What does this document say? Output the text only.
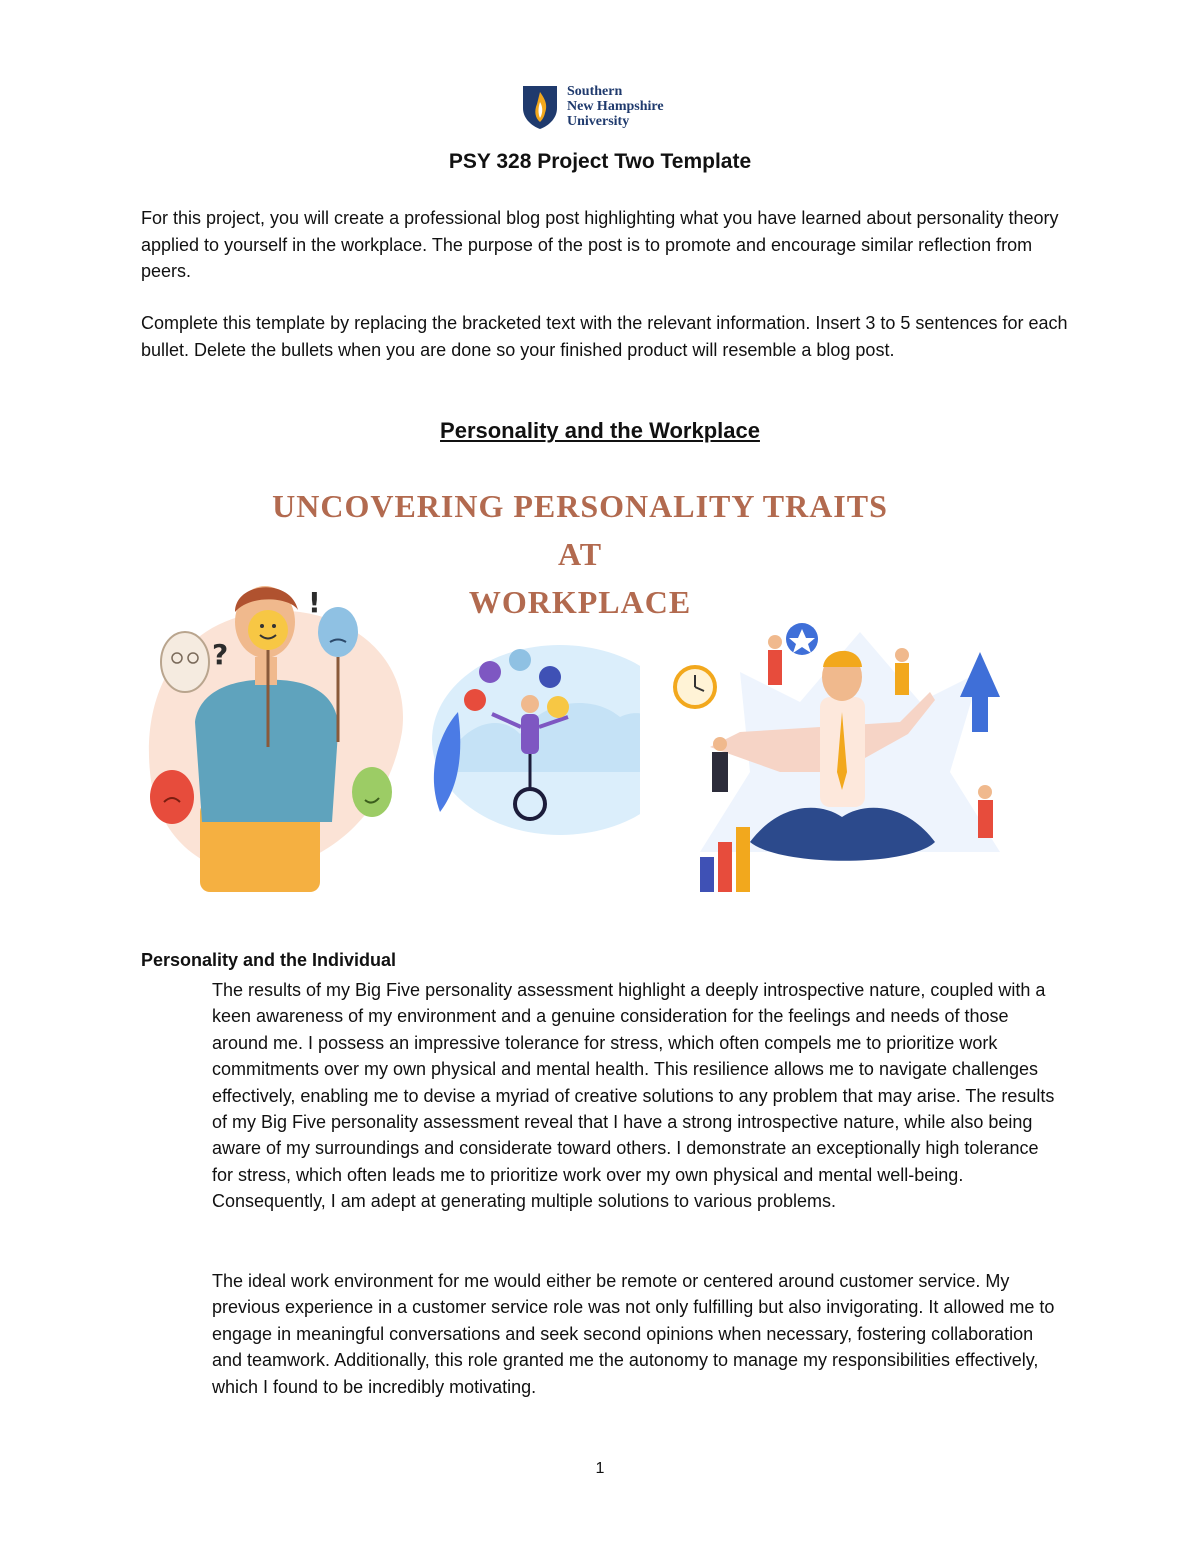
Southern
New Hampshire
University
PSY 328 Project Two Template
For this project, you will create a professional blog post highlighting what you have learned about personality theory applied to yourself in the workplace. The purpose of the post is to promote and encourage similar reflection from peers.
Complete this template by replacing the bracketed text with the relevant information. Insert 3 to 5 sentences for each bullet. Delete the bullets when you are done so your finished product will resemble a blog post.
Personality and the Workplace
?
!
UNCOVERING PERSONALITY TRAITS
AT
WORKPLACE
Personality and the Individual
The results of my Big Five personality assessment highlight a deeply introspective nature, coupled with a keen awareness of my environment and a genuine consideration for the feelings and needs of those around me. I possess an impressive tolerance for stress, which often compels me to prioritize work commitments over my own physical and mental health. This resilience allows me to navigate challenges effectively, enabling me to devise a myriad of creative solutions to any problem that may arise. The results of my Big Five personality assessment reveal that I have a strong introspective nature, while also being aware of my surroundings and considerate toward others. I demonstrate an exceptionally high tolerance for stress, which often leads me to prioritize work over my own physical and mental well-being. Consequently, I am adept at generating multiple solutions to various problems.
The ideal work environment for me would either be remote or centered around customer service. My previous experience in a customer service role was not only fulfilling but also invigorating. It allowed me to engage in meaningful conversations and seek second opinions when necessary, fostering collaboration and teamwork. Additionally, this role granted me the autonomy to manage my responsibilities effectively, which I found to be incredibly motivating.
1
